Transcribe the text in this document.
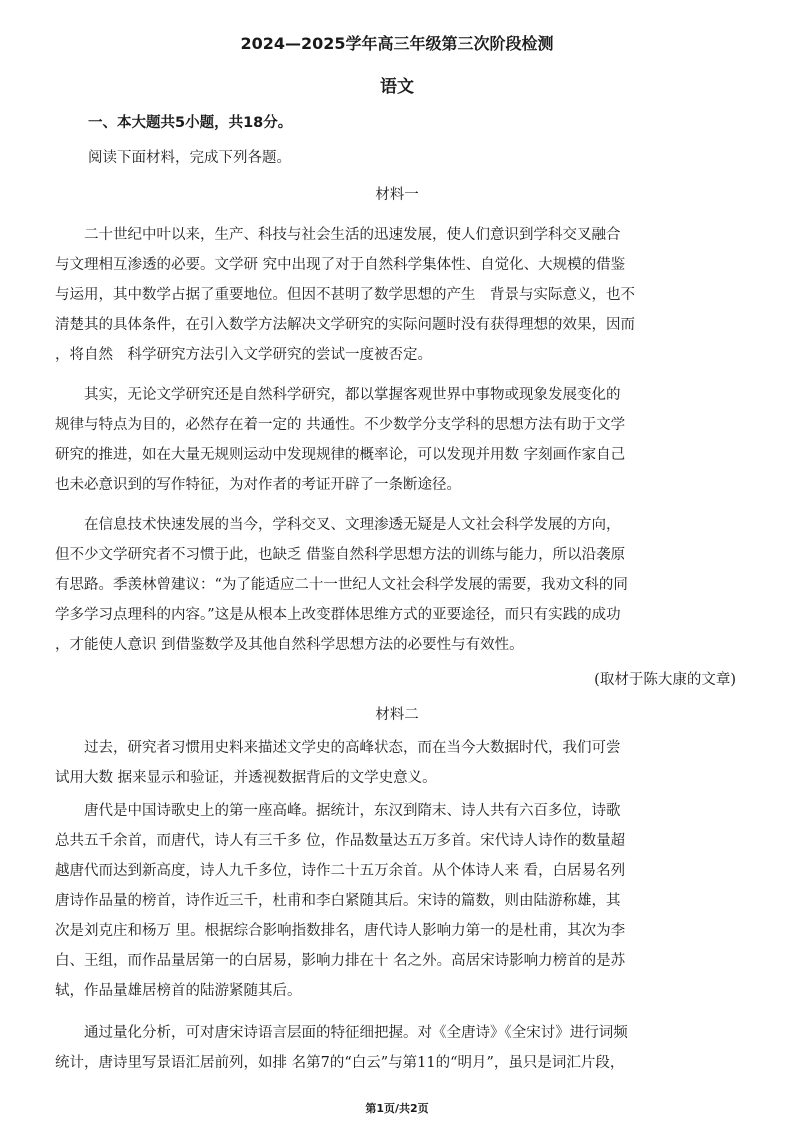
2024—2025学年高三年级第三次阶段检测
语文
一、本大题共5小题，共18分。
阅读下面材料，完成下列各题。
材料一
　　二十世纪中叶以来，生产、科技与社会生活的迅速发展，使人们意识到学科交叉融合
与文理相互渗透的必要。文学研 究中出现了对于自然科学集体性、自觉化、大规模的借鉴
与运用，其中数学占据了重要地位。但因不甚明了数学思想的产生　背景与实际意义，也不
清楚其的具体条件，在引入数学方法解决文学研究的实际问题时没有获得理想的效果，因而
，将自然　科学研究方法引入文学研究的尝试一度被否定。
　　其实，无论文学研究还是自然科学研究，都以掌握客观世界中事物或现象发展变化的
规律与特点为目的，必然存在着一定的 共通性。不少数学分支学科的思想方法有助于文学
研究的推进，如在大量无规则运动中发现规律的概率论，可以发现并用数 字刻画作家自己
也未必意识到的写作特征，为对作者的考证开辟了一条断途径。
　　在信息技术快速发展的当今，学科交叉、文理渗透无疑是人文社会科学发展的方向，
但不少文学研究者不习惯于此，也缺乏 借鉴自然科学思想方法的训练与能力，所以沿袭原
有思路。季羡林曾建议：“为了能适应二十一世纪人文社会科学发展的需要，我劝文科的同
学多学习点理科的内容。”这是从根本上改变群体思维方式的亚要途径，而只有实践的成功
，才能使人意识 到借鉴数学及其他自然科学思想方法的必要性与有效性。
(取材于陈大康的文章)
材料二
　　过去，研究者习惯用史料来描述文学史的高峰状态，而在当今大数据时代，我们可尝
试用大数 据来显示和验证，并透视数据背后的文学史意义。
　　唐代是中国诗歌史上的第一座高峰。据统计，东汉到隋末、诗人共有六百多位，诗歌
总共五千余首，而唐代，诗人有三千多 位，作品数量达五万多首。宋代诗人诗作的数量超
越唐代而达到新高度，诗人九千多位，诗作二十五万余首。从个体诗人来 看，白居易名列
唐诗作品量的榜首，诗作近三千，杜甫和李白紧随其后。宋诗的篇数，则由陆游称雄，其
次是刘克庄和杨万 里。根据综合影响指数排名，唐代诗人影响力第一的是杜甫，其次为李
白、王组，而作品量居第一的白居易，影响力排在十 名之外。高居宋诗影响力榜首的是苏
轼，作品量雄居榜首的陆游紧随其后。
　　通过量化分析，可对唐宋诗语言层面的特征细把握。对《全唐诗》《全宋讨》进行词频
统计，唐诗里写景语汇居前列，如排 名第7的“白云”与第11的“明月”，虽只是词汇片段，
第1页/共2页
